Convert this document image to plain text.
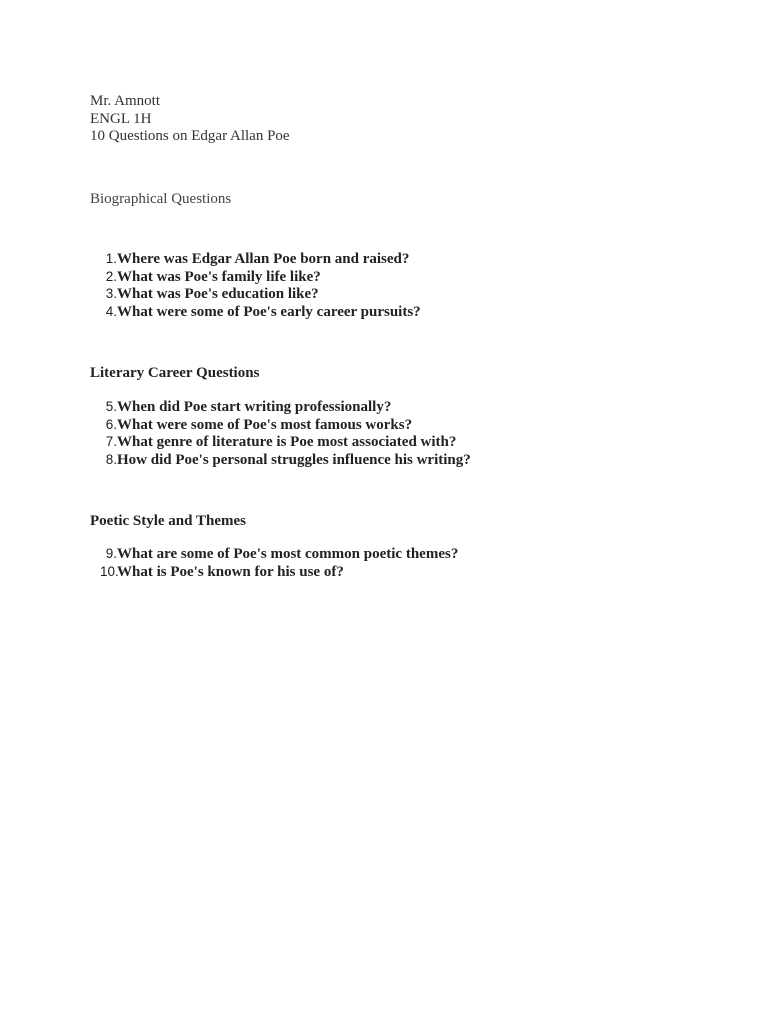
Mr. Amnott
ENGL 1H
10 Questions on Edgar Allan Poe
Biographical Questions
1.Where was Edgar Allan Poe born and raised?
2.What was Poe's family life like?
3.What was Poe's education like?
4.What were some of Poe's early career pursuits?
Literary Career Questions
5.When did Poe start writing professionally?
6.What were some of Poe's most famous works?
7.What genre of literature is Poe most associated with?
8.How did Poe's personal struggles influence his writing?
Poetic Style and Themes
9.What are some of Poe's most common poetic themes?
10.What is Poe's known for his use of?
